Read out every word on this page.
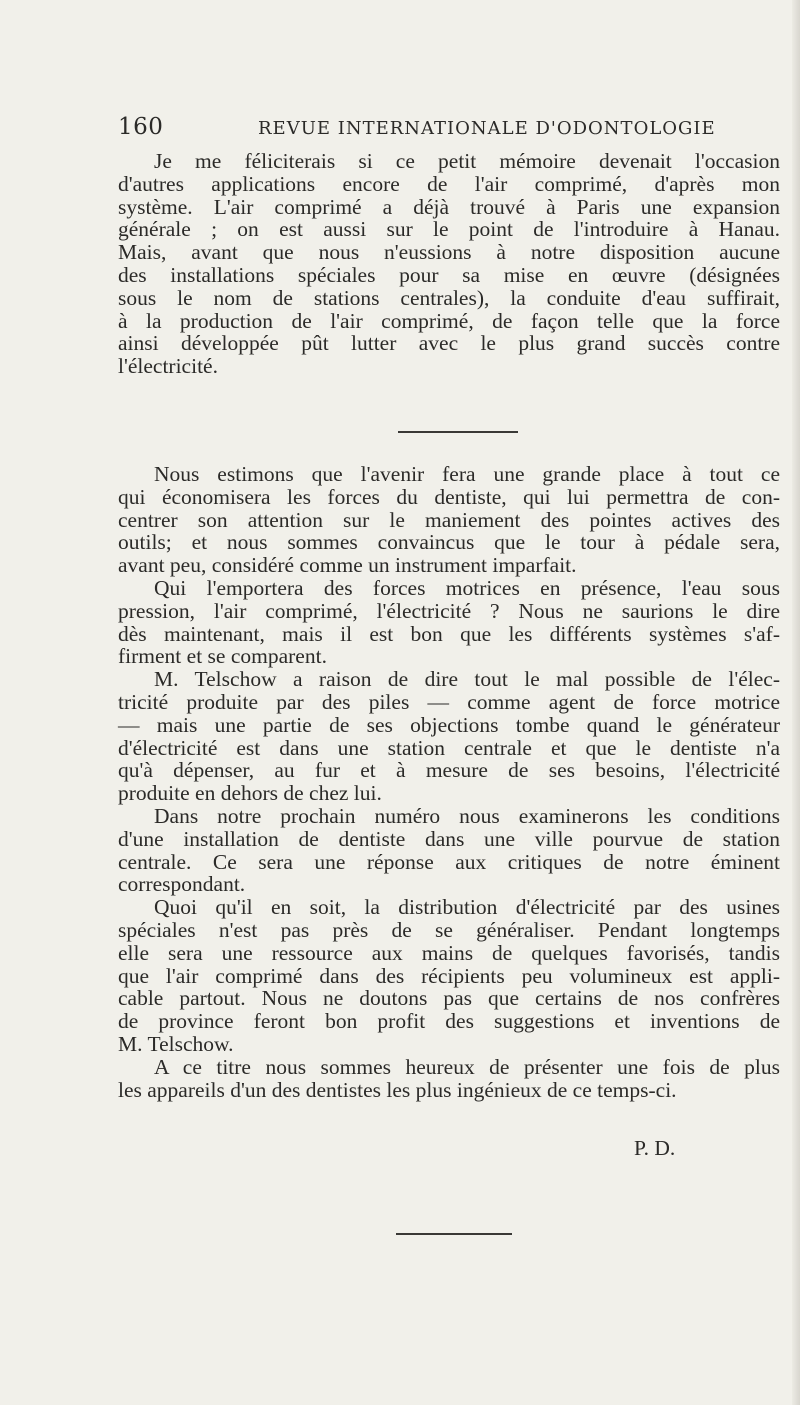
160	REVUE INTERNATIONALE D'ODONTOLOGIE
Je me féliciterais si ce petit mémoire devenait l'occasion
d'autres applications encore de l'air comprimé, d'après mon
système. L'air comprimé a déjà trouvé à Paris une expansion
générale ; on est aussi sur le point de l'introduire à Hanau.
Mais, avant que nous n'eussions à notre disposition aucune
des installations spéciales pour sa mise en œuvre (désignées
sous le nom de stations centrales), la conduite d'eau suffirait,
à la production de l'air comprimé, de façon telle que la force
ainsi développée pût lutter avec le plus grand succès contre
l'électricité.
Nous estimons que l'avenir fera une grande place à tout ce
qui économisera les forces du dentiste, qui lui permettra de con-
centrer son attention sur le maniement des pointes actives des
outils; et nous sommes convaincus que le tour à pédale sera,
avant peu, considéré comme un instrument imparfait.
Qui l'emportera des forces motrices en présence, l'eau sous
pression, l'air comprimé, l'électricité ? Nous ne saurions le dire
dès maintenant, mais il est bon que les différents systèmes s'af-
firment et se comparent.
M. Telschow a raison de dire tout le mal possible de l'élec-
tricité produite par des piles — comme agent de force motrice
— mais une partie de ses objections tombe quand le générateur
d'électricité est dans une station centrale et que le dentiste n'a
qu'à dépenser, au fur et à mesure de ses besoins, l'électricité
produite en dehors de chez lui.
Dans notre prochain numéro nous examinerons les conditions
d'une installation de dentiste dans une ville pourvue de station
centrale. Ce sera une réponse aux critiques de notre éminent
correspondant.
Quoi qu'il en soit, la distribution d'électricité par des usines
spéciales n'est pas près de se généraliser. Pendant longtemps
elle sera une ressource aux mains de quelques favorisés, tandis
que l'air comprimé dans des récipients peu volumineux est appli-
cable partout. Nous ne doutons pas que certains de nos confrères
de province feront bon profit des suggestions et inventions de
M. Telschow.
A ce titre nous sommes heureux de présenter une fois de plus
les appareils d'un des dentistes les plus ingénieux de ce temps-ci.
P. D.
